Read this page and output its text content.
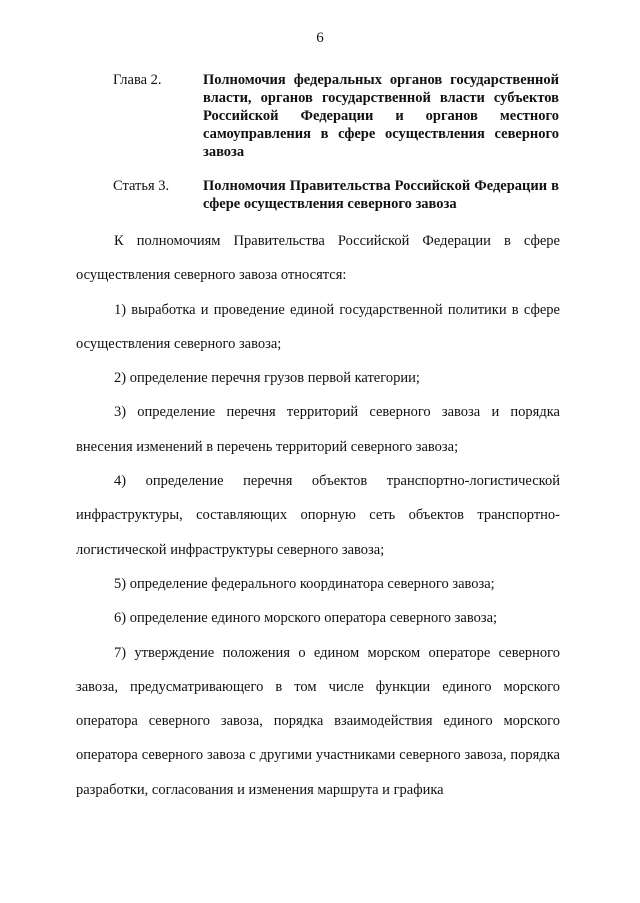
6
Глава 2.	Полномочия федеральных органов государственной власти, органов государственной власти субъектов Российской Федерации и органов местного самоуправления в сфере осуществления северного завоза
Статья 3.	Полномочия Правительства Российской Федерации в сфере осуществления северного завоза

К полномочиям Правительства Российской Федерации в сфере осуществления северного завоза относятся:

1) выработка и проведение единой государственной политики в сфере осуществления северного завоза;

2) определение перечня грузов первой категории;

3) определение перечня территорий северного завоза и порядка внесения изменений в перечень территорий северного завоза;

4) определение перечня объектов транспортно-логистической инфраструктуры, составляющих опорную сеть объектов транспортно-логистической инфраструктуры северного завоза;

5) определение федерального координатора северного завоза;

6) определение единого морского оператора северного завоза;

7) утверждение положения о едином морском операторе северного завоза, предусматривающего в том числе функции единого морского оператора северного завоза, порядка взаимодействия единого морского оператора северного завоза с другими участниками северного завоза, порядка разработки, согласования и изменения маршрута и графика
